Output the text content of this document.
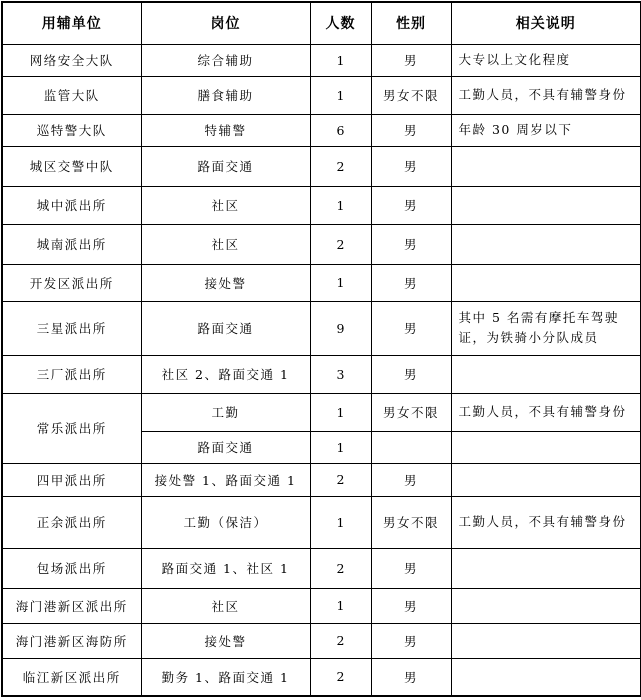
用辅单位	岗位	人数	性别	相关说明
网络安全大队	综合辅助	1	男	大专以上文化程度
监管大队	膳食辅助	1	男女不限	工勤人员，不具有辅警身份
巡特警大队	特辅警	6	男	年龄 30 周岁以下
城区交警中队	路面交通	2	男	
城中派出所	社区	1	男	
城南派出所	社区	2	男	
开发区派出所	接处警	1	男	
三星派出所	路面交通	9	男	其中 5 名需有摩托车驾驶证，为铁骑小分队成员
三厂派出所	社区 2、路面交通 1	3	男	
常乐派出所	工勤	1	男女不限	工勤人员，不具有辅警身份
	路面交通	1		
四甲派出所	接处警 1、路面交通 1	2	男	
正余派出所	工勤（保洁）	1	男女不限	工勤人员，不具有辅警身份
包场派出所	路面交通 1、社区 1	2	男	
海门港新区派出所	社区	1	男	
海门港新区海防所	接处警	2	男	
临江新区派出所	勤务 1、路面交通 1	2	男	
